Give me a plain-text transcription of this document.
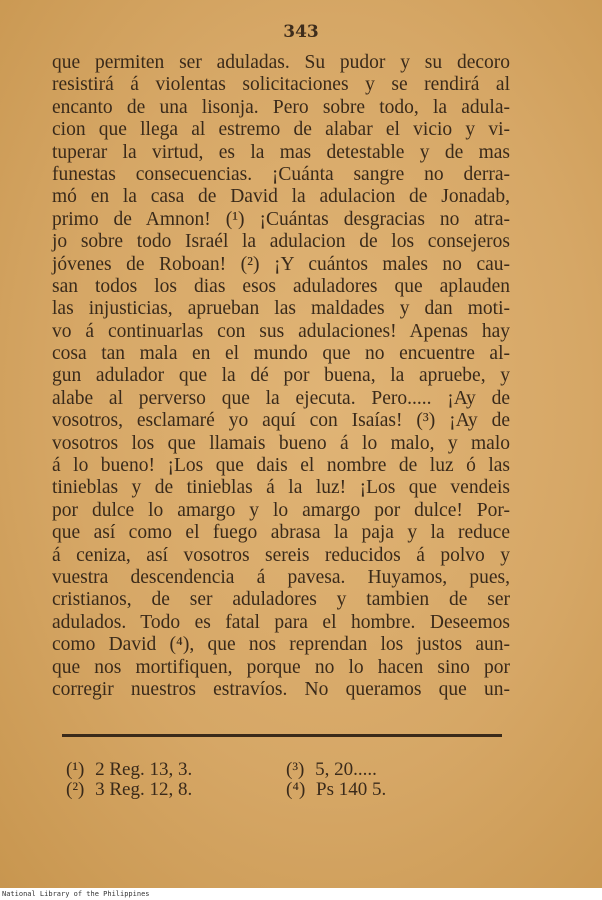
343
que permiten ser aduladas. Su pudor y su decoro
resistirá á violentas solicitaciones y se rendirá al
encanto de una lisonja. Pero sobre todo, la adula-
cion que llega al estremo de alabar el vicio y vi-
tuperar la virtud, es la mas detestable y de mas
funestas consecuencias. ¡Cuánta sangre no derra-
mó en la casa de David la adulacion de Jonadab,
primo de Amnon! (¹) ¡Cuántas desgracias no atra-
jo sobre todo Israél la adulacion de los consejeros
jóvenes de Roboan! (²) ¡Y cuántos males no cau-
san todos los dias esos aduladores que aplauden
las injusticias, aprueban las maldades y dan moti-
vo á continuarlas con sus adulaciones! Apenas hay
cosa tan mala en el mundo que no encuentre al-
gun adulador que la dé por buena, la apruebe, y
alabe al perverso que la ejecuta. Pero..... ¡Ay de
vosotros, esclamaré yo aquí con Isaías! (³) ¡Ay de
vosotros los que llamais bueno á lo malo, y malo
á lo bueno! ¡Los que dais el nombre de luz ó las
tinieblas y de tinieblas á la luz! ¡Los que vendeis
por dulce lo amargo y lo amargo por dulce! Por-
que así como el fuego abrasa la paja y la reduce
á ceniza, así vosotros sereis reducidos á polvo y
vuestra descendencia á pavesa. Huyamos, pues,
cristianos, de ser aduladores y tambien de ser
adulados. Todo es fatal para el hombre. Deseemos
como David (⁴), que nos reprendan los justos aun-
que nos mortifiquen, porque no lo hacen sino por
corregir nuestros estravíos. No queramos que un-
(¹) 2 Reg. 13, 3.
(²) 3 Reg. 12, 8.
(³) 5, 20.....
(⁴) Ps 140 5.
National Library of the Philippines
